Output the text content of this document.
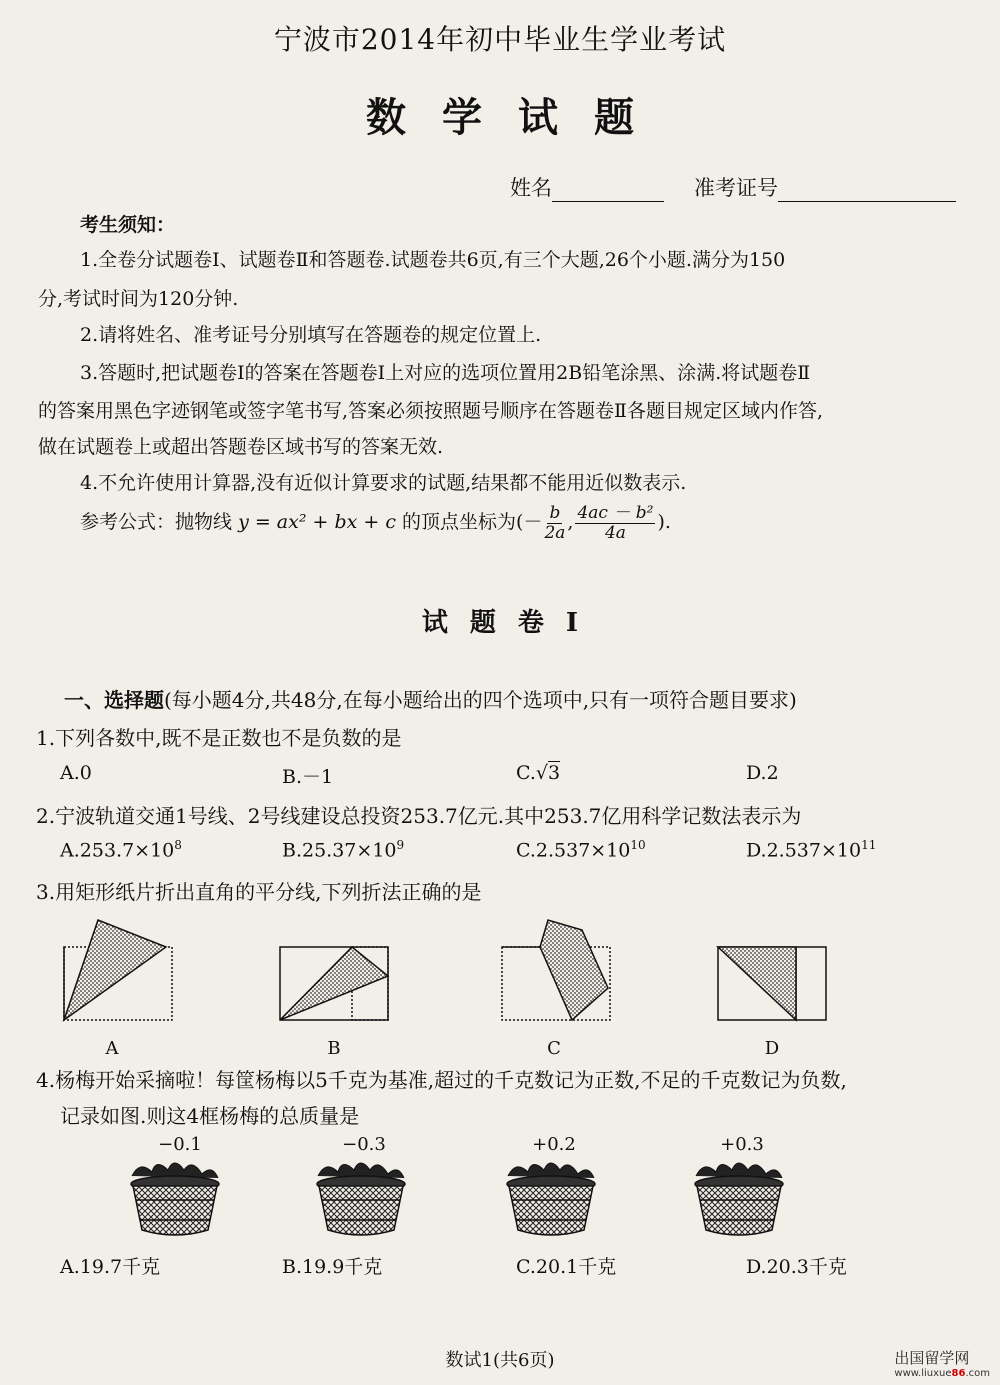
宁波市2014年初中毕业生学业考试
数学试题
姓名	准考证号
考生须知：
1.全卷分试题卷Ⅰ、试题卷Ⅱ和答题卷.试题卷共6页,有三个大题,26个小题.满分为150
分,考试时间为120分钟.
2.请将姓名、准考证号分别填写在答题卷的规定位置上.
3.答题时,把试题卷Ⅰ的答案在答题卷Ⅰ上对应的选项位置用2B铅笔涂黑、涂满.将试题卷Ⅱ
的答案用黑色字迹钢笔或签字笔书写,答案必须按照题号顺序在答题卷Ⅱ各题目规定区域内作答,
做在试题卷上或超出答题卷区域书写的答案无效.
4.不允许使用计算器,没有近似计算要求的试题,结果都不能用近似数表示.
参考公式：抛物线 y = ax² + bx + c 的顶点坐标为(－ $\frac{b}{2a}$ , $\frac{\text{4ac － b²}}{4a}$ ).
试题卷Ⅰ
一、选择题(每小题4分,共48分,在每小题给出的四个选项中,只有一项符合题目要求)
1.下列各数中,既不是正数也不是负数的是
A.0	B.－1	C.√3	D.2
2.宁波轨道交通1号线、2号线建设总投资253.7亿元.其中253.7亿用科学记数法表示为
$A.253.7\times 10^8$	$B.25.37\times 10^9$	$C.2.537\times 10^{10}$	$D.2.537\times 10^{11}$
3.用矩形纸片折出直角的平分线,下列折法正确的是
A	B	C	D
4.杨梅开始采摘啦！每筐杨梅以5千克为基准,超过的千克数记为正数,不足的千克数记为负数,
记录如图.则这4框杨梅的总质量是
−0.1	−0.3	+0.2	+0.3
A.19.7千克	B.19.9千克	C.20.1千克	D.20.3千克
数试1(共6页)	出国留学网
www.liuxue86.com
